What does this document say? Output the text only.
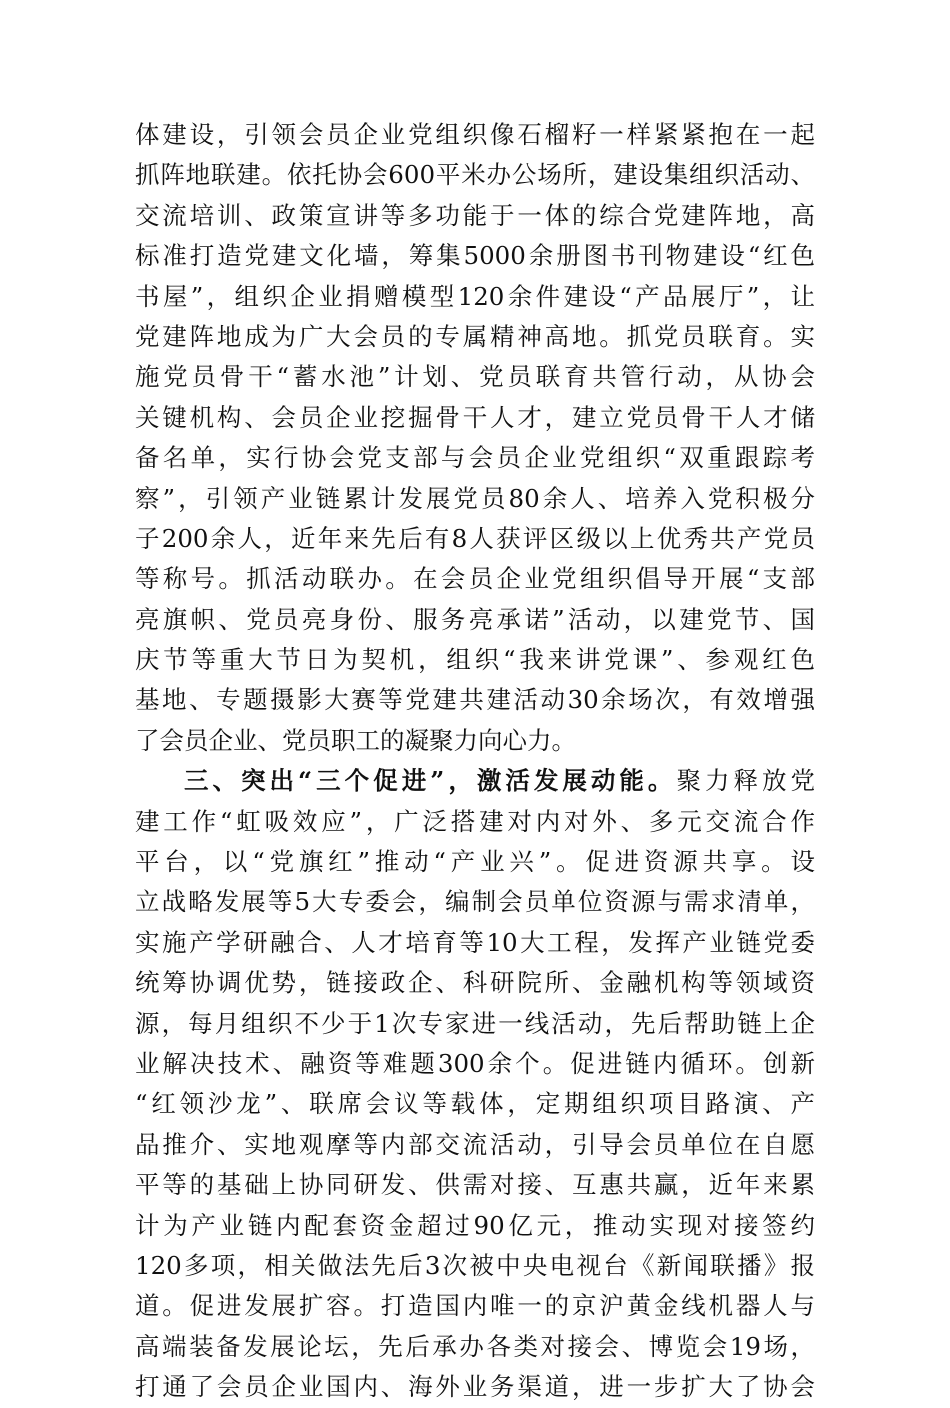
体建设，引领会员企业党组织像石榴籽一样紧紧抱在一起
抓阵地联建。依托协会600平米办公场所，建设集组织活动、
交流培训、政策宣讲等多功能于一体的综合党建阵地，高
标准打造党建文化墙，筹集5000余册图书刊物建设“红色
书屋”，组织企业捐赠模型120余件建设“产品展厅”，让
党建阵地成为广大会员的专属精神高地。抓党员联育。实
施党员骨干“蓄水池”计划、党员联育共管行动，从协会
关键机构、会员企业挖掘骨干人才，建立党员骨干人才储
备名单，实行协会党支部与会员企业党组织“双重跟踪考
察”，引领产业链累计发展党员80余人、培养入党积极分
子200余人，近年来先后有8人获评区级以上优秀共产党员
等称号。抓活动联办。在会员企业党组织倡导开展“支部
亮旗帜、党员亮身份、服务亮承诺”活动，以建党节、国
庆节等重大节日为契机，组织“我来讲党课”、参观红色
基地、专题摄影大赛等党建共建活动30余场次，有效增强
了会员企业、党员职工的凝聚力向心力。
三、突出“三个促进”，激活发展动能。聚力释放党
建工作“虹吸效应”，广泛搭建对内对外、多元交流合作
平台，以“党旗红”推动“产业兴”。促进资源共享。设
立战略发展等5大专委会，编制会员单位资源与需求清单，
实施产学研融合、人才培育等10大工程，发挥产业链党委
统筹协调优势，链接政企、科研院所、金融机构等领域资
源，每月组织不少于1次专家进一线活动，先后帮助链上企
业解决技术、融资等难题300余个。促进链内循环。创新
“红领沙龙”、联席会议等载体，定期组织项目路演、产
品推介、实地观摩等内部交流活动，引导会员单位在自愿
平等的基础上协同研发、供需对接、互惠共赢，近年来累
计为产业链内配套资金超过90亿元，推动实现对接签约
120多项，相关做法先后3次被中央电视台《新闻联播》报
道。促进发展扩容。打造国内唯一的京沪黄金线机器人与
高端装备发展论坛，先后承办各类对接会、博览会19场，
打通了会员企业国内、海外业务渠道，进一步扩大了协会
